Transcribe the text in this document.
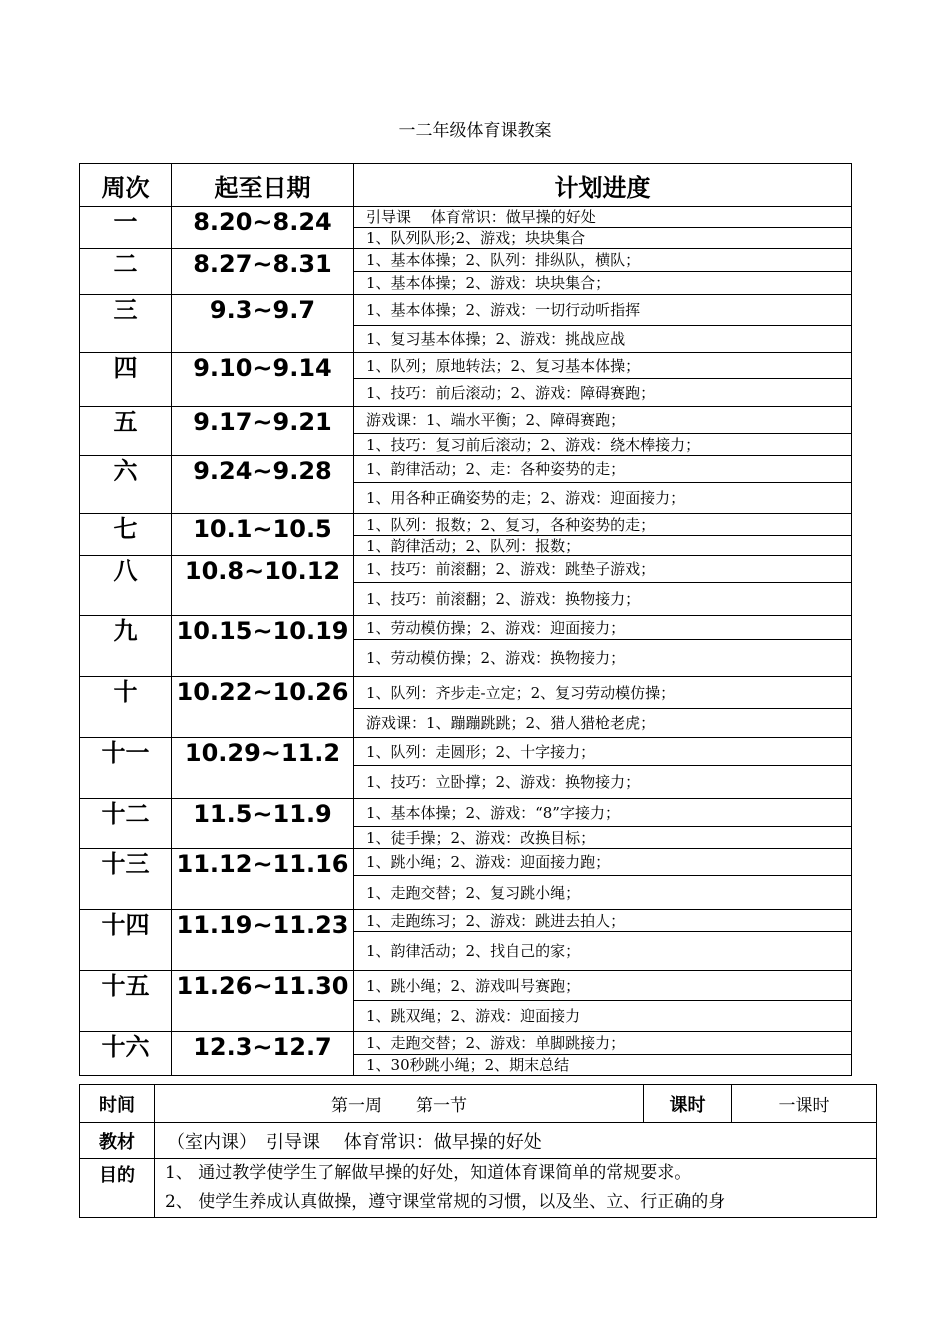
一二年级体育课教案
周次	起至日期	计划进度
一	8.20~8.24	引导课　 体育常识：做早操的好处
		1、队列队形;2、游戏；块块集合
二	8.27~8.31	1、基本体操；2、队列：排纵队，横队；
		1、基本体操；2、游戏：块块集合；
三	9.3~9.7	1、基本体操；2、游戏：一切行动听指挥
		1、复习基本体操；2、游戏：挑战应战
四	9.10~9.14	1、队列；原地转法；2、复习基本体操；
		1、技巧：前后滚动；2、游戏：障碍赛跑；
五	9.17~9.21	游戏课：1、端水平衡；2、障碍赛跑；
		1、技巧：复习前后滚动；2、游戏：绕木棒接力；
六	9.24~9.28	1、韵律活动；2、走：各种姿势的走；
		1、用各种正确姿势的走；2、游戏：迎面接力；
七	10.1~10.5	1、队列：报数；2、复习，各种姿势的走；
		1、韵律活动；2、队列：报数；
八	10.8~10.12	1、技巧：前滚翻；2、游戏：跳垫子游戏；
		1、技巧：前滚翻；2、游戏：换物接力；
九	10.15~10.19	1、劳动模仿操；2、游戏：迎面接力；
		1、劳动模仿操；2、游戏：换物接力；
十	10.22~10.26	1、队列：齐步走-立定；2、复习劳动模仿操；
		游戏课：1、蹦蹦跳跳；2、猎人猎枪老虎；
十一	10.29~11.2	1、队列：走圆形；2、十字接力；
		1、技巧：立卧撑；2、游戏：换物接力；
十二	11.5~11.9	1、基本体操；2、游戏：“8”字接力；
		1、徒手操；2、游戏：改换目标；
十三	11.12~11.16	1、跳小绳；2、游戏：迎面接力跑；
		1、走跑交替；2、复习跳小绳；
十四	11.19~11.23	1、走跑练习；2、游戏：跳进去拍人；
		1、韵律活动；2、找自己的家；
十五	11.26~11.30	1、跳小绳；2、游戏叫号赛跑；
		1、跳双绳；2、游戏：迎面接力
十六	12.3~12.7	1、走跑交替；2、游戏：单脚跳接力；
		1、30秒跳小绳；2、期末总结
时间	第一周　　第一节	课时	一课时
教材	（室内课）　引导课　 体育常识：做早操的好处		
目的	1、 通过教学使学生了解做早操的好处，知道体育课简单的常规要求。
2、 使学生养成认真做操，遵守课堂常规的习惯，以及坐、立、行正确的身		
